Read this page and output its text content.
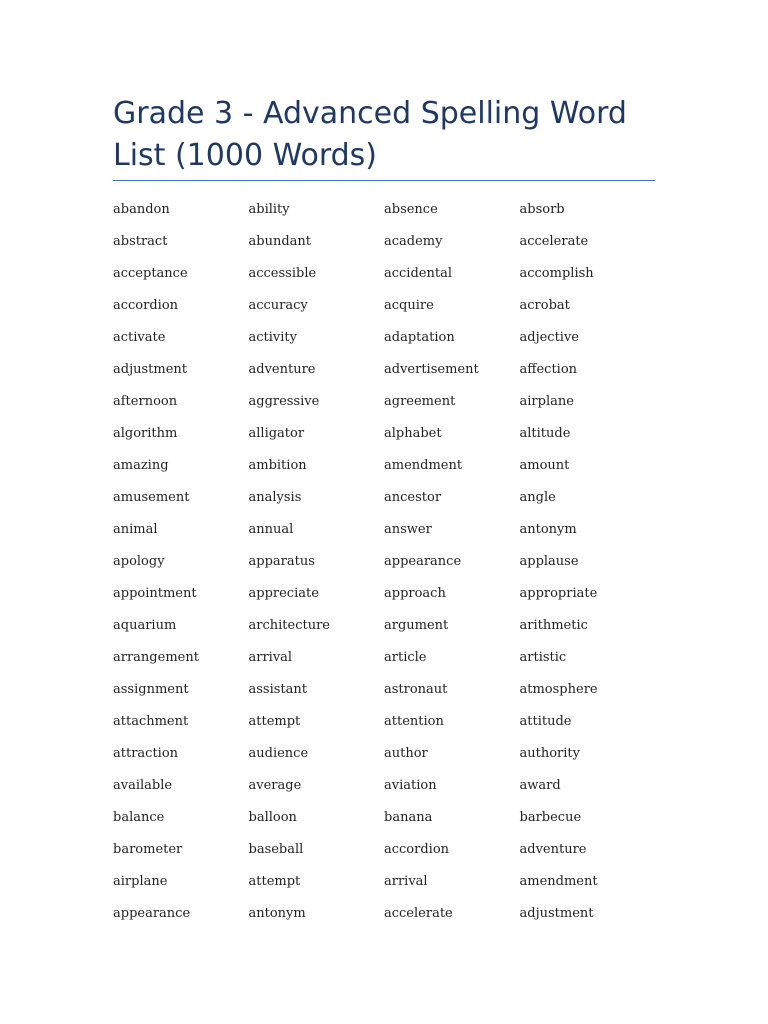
Grade 3 - Advanced Spelling Word List (1000 Words)
abandon	ability	absence	absorb
abstract	abundant	academy	accelerate
acceptance	accessible	accidental	accomplish
accordion	accuracy	acquire	acrobat
activate	activity	adaptation	adjective
adjustment	adventure	advertisement	affection
afternoon	aggressive	agreement	airplane
algorithm	alligator	alphabet	altitude
amazing	ambition	amendment	amount
amusement	analysis	ancestor	angle
animal	annual	answer	antonym
apology	apparatus	appearance	applause
appointment	appreciate	approach	appropriate
aquarium	architecture	argument	arithmetic
arrangement	arrival	article	artistic
assignment	assistant	astronaut	atmosphere
attachment	attempt	attention	attitude
attraction	audience	author	authority
available	average	aviation	award
balance	balloon	banana	barbecue
barometer	baseball	accordion	adventure
airplane	attempt	arrival	amendment
appearance	antonym	accelerate	adjustment
